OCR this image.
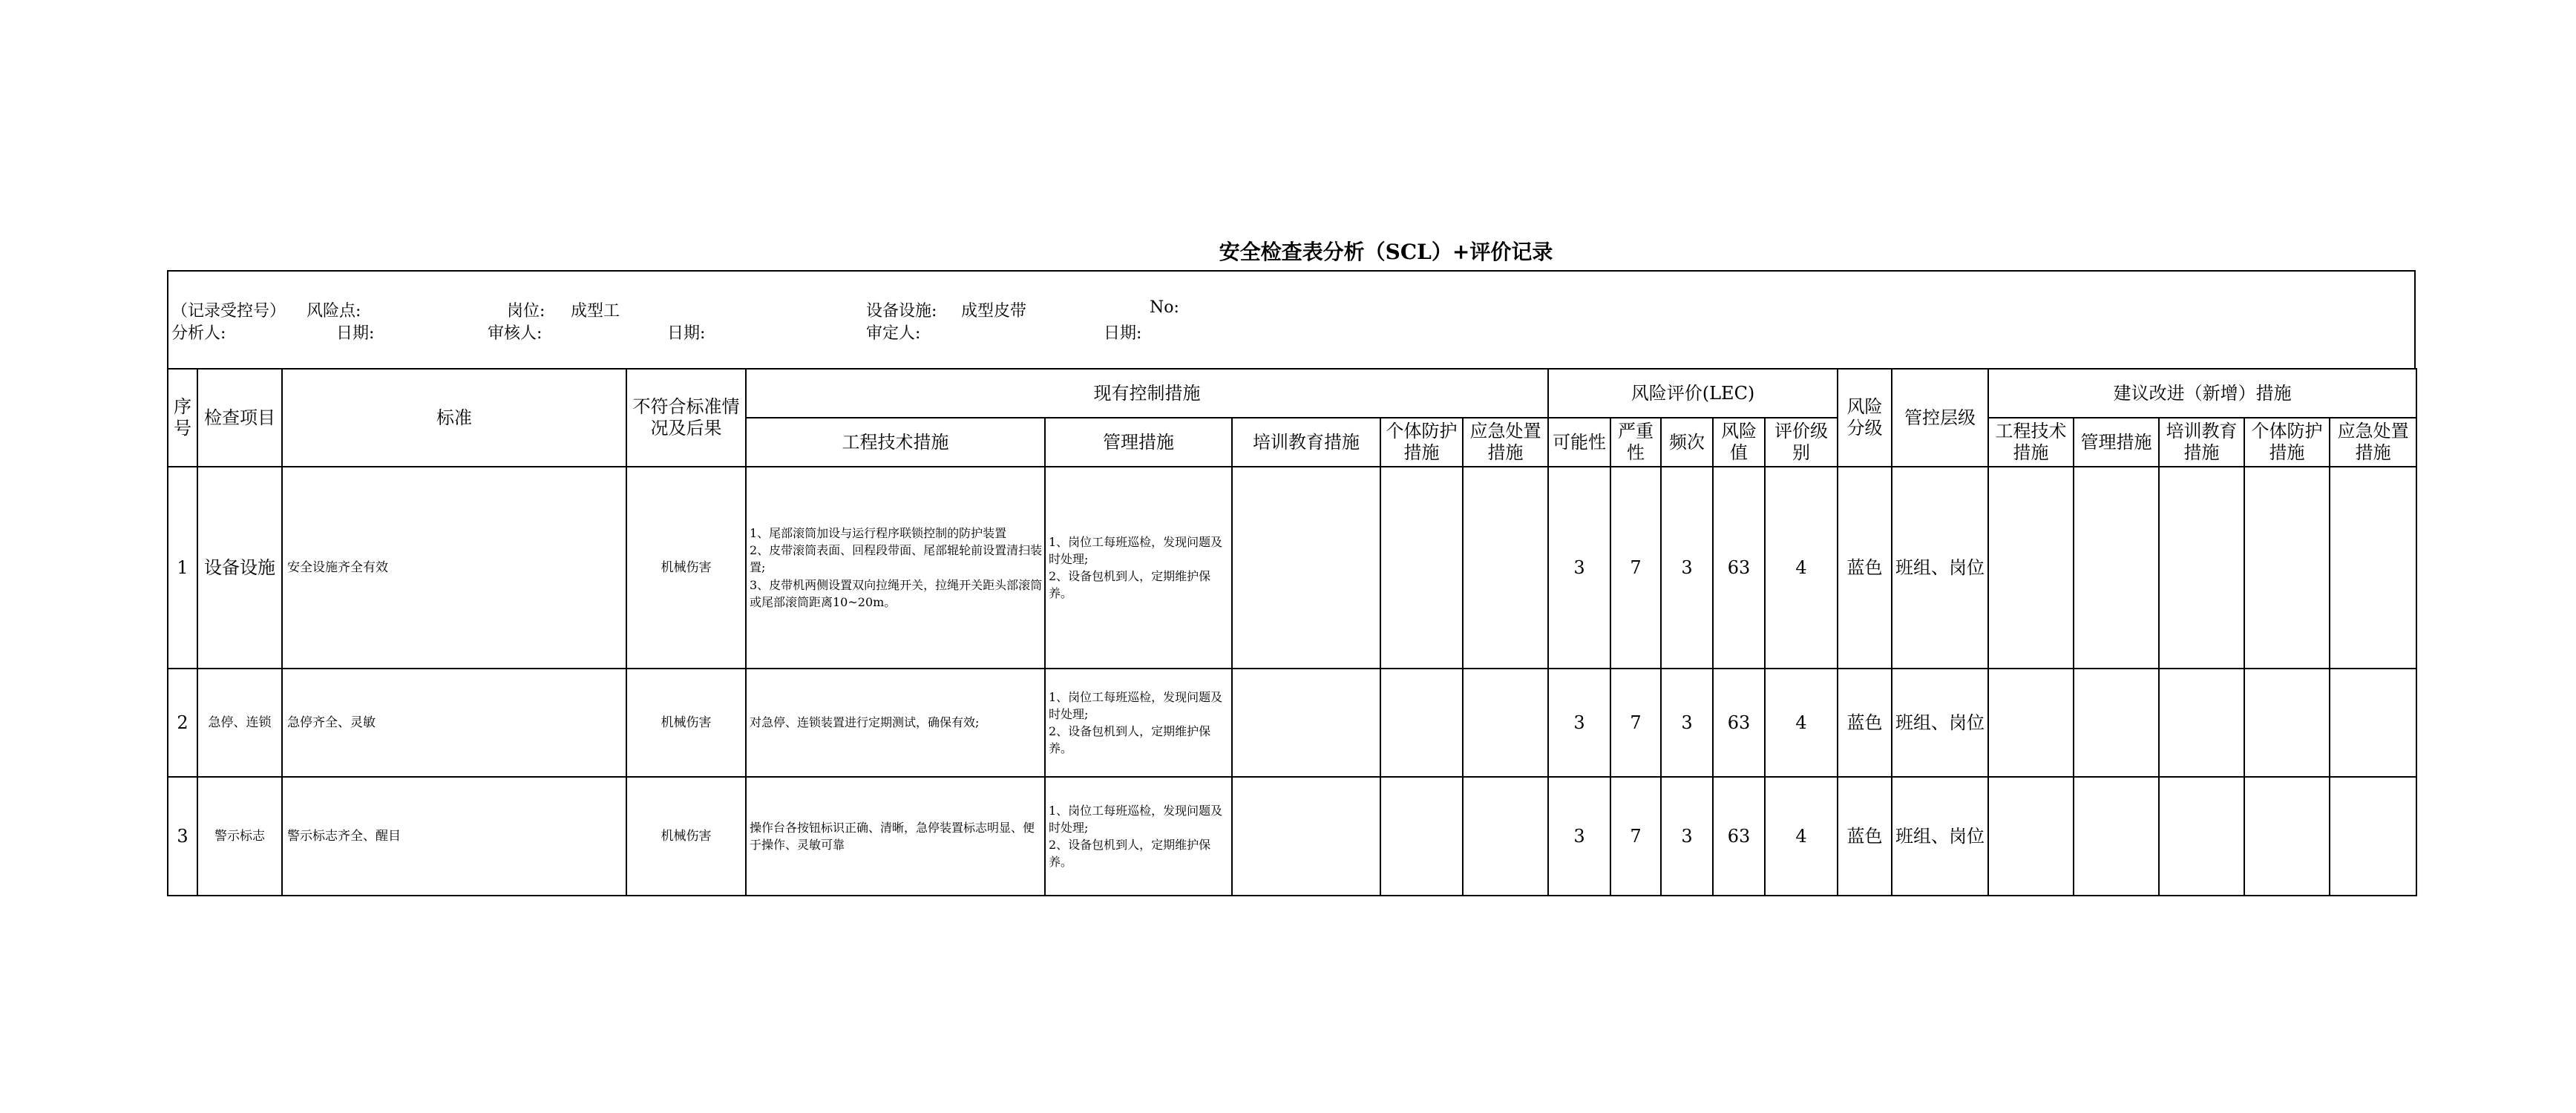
安全检查表分析（SCL）+评价记录
（记录受控号） 风险点:	岗位: 成型工	设备设施: 成型皮带	No:
分析人:	日期:	审核人:	日期:	审定人:	日期:
序号	检查项目	标准	不符合标准情况及后果	现有控制措施					风险评价(LEC)					风险分级	管控层级	建议改进（新增）措施				
				工程技术措施	管理措施	培训教育措施	个体防护措施	应急处置措施	可能性	严重性	频次	风险值	评价级别			工程技术措施	管理措施	培训教育措施	个体防护措施	应急处置措施
1	设备设施	安全设施齐全有效	机械伤害	1、尾部滚筒加设与运行程序联锁控制的防护装置
2、皮带滚筒表面、回程段带面、尾部辊轮前设置清扫装置;
3、皮带机两侧设置双向拉绳开关，拉绳开关距头部滚筒或尾部滚筒距离10~20m。	1、岗位工每班巡检，发现问题及时处理;
2、设备包机到人，定期维护保养。				3	7	3	63	4	蓝色	班组、岗位					
2	急停、连锁	急停齐全、灵敏	机械伤害	对急停、连锁装置进行定期测试，确保有效;	1、岗位工每班巡检，发现问题及时处理;
2、设备包机到人，定期维护保养。				3	7	3	63	4	蓝色	班组、岗位					
3	警示标志	警示标志齐全、醒目	机械伤害	操作台各按钮标识正确、清晰，急停装置标志明显、便于操作、灵敏可靠	1、岗位工每班巡检，发现问题及时处理;
2、设备包机到人，定期维护保养。				3	7	3	63	4	蓝色	班组、岗位					
